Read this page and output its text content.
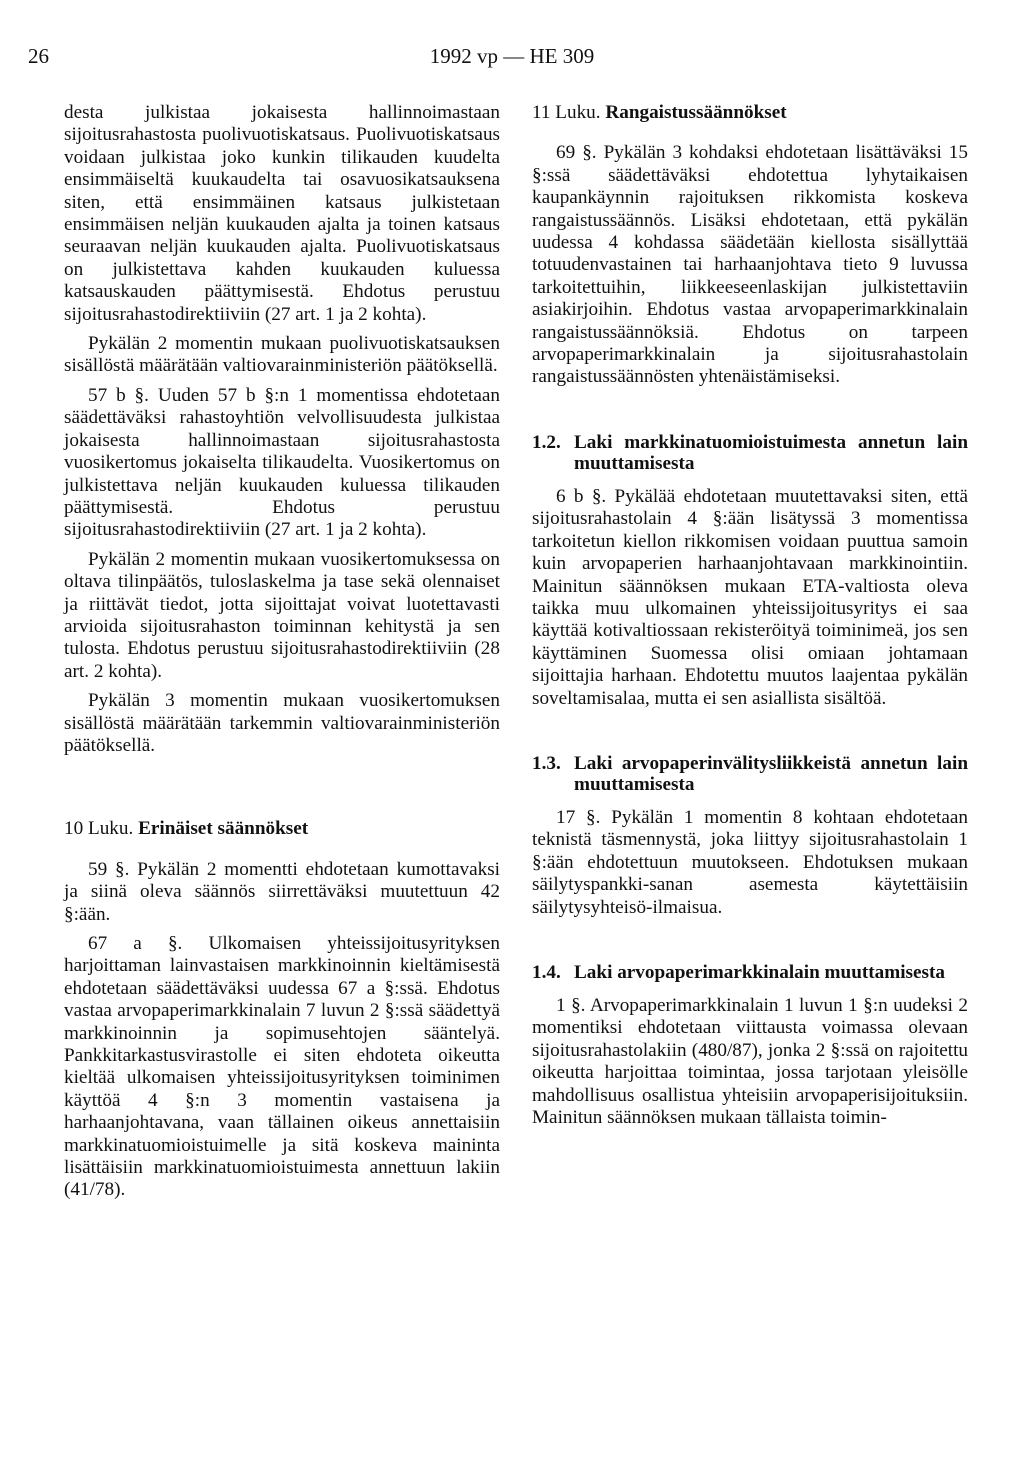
26	1992 vp — HE 309

desta julkistaa jokaisesta hallinnoimastaan sijoitusrahastosta puolivuotiskatsaus. Puolivuotiskatsaus voidaan julkistaa joko kunkin tilikauden kuudelta ensimmäiseltä kuukaudelta tai osavuosikatsauksena siten, että ensimmäinen katsaus julkistetaan ensimmäisen neljän kuukauden ajalta ja toinen katsaus seuraavan neljän kuukauden ajalta. Puolivuotiskatsaus on julkistettava kahden kuukauden kuluessa katsauskauden päättymisestä. Ehdotus perustuu sijoitusrahastodirektiiviin (27 art. 1 ja 2 kohta).

Pykälän 2 momentin mukaan puolivuotiskatsauksen sisällöstä määrätään valtiovarainministeriön päätöksellä.

57 b §. Uuden 57 b §:n 1 momentissa ehdotetaan säädettäväksi rahastoyhtiön velvollisuudesta julkistaa jokaisesta hallinnoimastaan sijoitusrahastosta vuosikertomus jokaiselta tilikaudelta. Vuosikertomus on julkistettava neljän kuukauden kuluessa tilikauden päättymisestä. Ehdotus perustuu sijoitusrahastodirektiiviin (27 art. 1 ja 2 kohta).

Pykälän 2 momentin mukaan vuosikertomuksessa on oltava tilinpäätös, tuloslaskelma ja tase sekä olennaiset ja riittävät tiedot, jotta sijoittajat voivat luotettavasti arvioida sijoitusrahaston toiminnan kehitystä ja sen tulosta. Ehdotus perustuu sijoitusrahastodirektiiviin (28 art. 2 kohta).

Pykälän 3 momentin mukaan vuosikertomuksen sisällöstä määrätään tarkemmin valtiovarainministeriön päätöksellä.

10 Luku. Erinäiset säännökset

59 §. Pykälän 2 momentti ehdotetaan kumottavaksi ja siinä oleva säännös siirrettäväksi muutettuun 42 §:ään.

67 a §. Ulkomaisen yhteissijoitusyrityksen harjoittaman lainvastaisen markkinoinnin kieltämisestä ehdotetaan säädettäväksi uudessa 67 a §:ssä. Ehdotus vastaa arvopaperimarkkinalain 7 luvun 2 §:ssä säädettyä markkinoinnin ja sopimusehtojen sääntelyä. Pankkitarkastusvirastolle ei siten ehdoteta oikeutta kieltää ulkomaisen yhteissijoitusyrityksen toiminimen käyttöä 4 §:n 3 momentin vastaisena ja harhaanjohtavana, vaan tällainen oikeus annettaisiin markkinatuomioistuimelle ja sitä koskeva maininta lisättäisiin markkinatuomioistuimesta annettuun lakiin (41/78).

11 Luku. Rangaistussäännökset

69 §. Pykälän 3 kohdaksi ehdotetaan lisättäväksi 15 §:ssä säädettäväksi ehdotettua lyhytaikaisen kaupankäynnin rajoituksen rikkomista koskeva rangaistussäännös. Lisäksi ehdotetaan, että pykälän uudessa 4 kohdassa säädetään kiellosta sisällyttää totuudenvastainen tai harhaanjohtava tieto 9 luvussa tarkoitettuihin, liikkeeseenlaskijan julkistettaviin asiakirjoihin. Ehdotus vastaa arvopaperimarkkinalain rangaistussäännöksiä. Ehdotus on tarpeen arvopaperimarkkinalain ja sijoitusrahastolain rangaistussäännösten yhtenäistämiseksi.

1.2. Laki markkinatuomioistuimesta annetun lain muuttamisesta

6 b §. Pykälää ehdotetaan muutettavaksi siten, että sijoitusrahastolain 4 §:ään lisätyssä 3 momentissa tarkoitetun kiellon rikkomisen voidaan puuttua samoin kuin arvopaperien harhaanjohtavaan markkinointiin. Mainitun säännöksen mukaan ETA-valtiosta oleva taikka muu ulkomainen yhteissijoitusyritys ei saa käyttää kotivaltiossaan rekisteröityä toiminimeä, jos sen käyttäminen Suomessa olisi omiaan johtamaan sijoittajia harhaan. Ehdotettu muutos laajentaa pykälän soveltamisalaa, mutta ei sen asiallista sisältöä.

1.3. Laki arvopaperinvälitysliikkeistä annetun lain muuttamisesta

17 §. Pykälän 1 momentin 8 kohtaan ehdotetaan teknistä täsmennystä, joka liittyy sijoitusrahastolain 1 §:ään ehdotettuun muutokseen. Ehdotuksen mukaan säilytyspankki-sanan asemesta käytettäisiin säilytysyhteisö-ilmaisua.

1.4. Laki arvopaperimarkkinalain muuttamisesta

1 §. Arvopaperimarkkinalain 1 luvun 1 §:n uudeksi 2 momentiksi ehdotetaan viittausta voimassa olevaan sijoitusrahastolakiin (480/87), jonka 2 §:ssä on rajoitettu oikeutta harjoittaa toimintaa, jossa tarjotaan yleisölle mahdollisuus osallistua yhteisiin arvopaperisijoituksiin. Mainitun säännöksen mukaan tällaista toimin-
